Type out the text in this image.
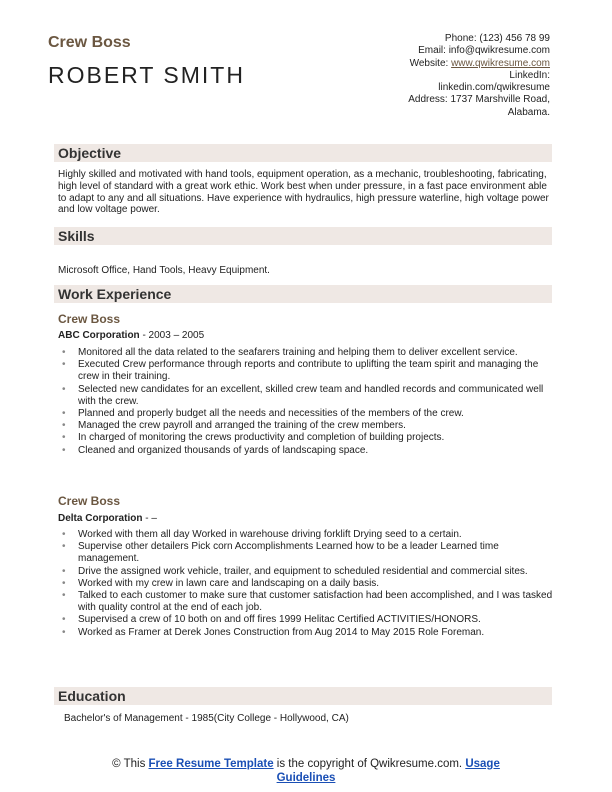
Crew Boss
ROBERT SMITH
Phone: (123) 456 78 99
Email: info@qwikresume.com
Website: www.qwikresume.com
LinkedIn:
linkedin.com/qwikresume
Address: 1737 Marshville Road,
Alabama.
Objective
Highly skilled and motivated with hand tools, equipment operation, as a mechanic, troubleshooting, fabricating, high level of standard with a great work ethic. Work best when under pressure, in a fast pace environment able to adapt to any and all situations. Have experience with hydraulics, high pressure waterline, high voltage power and low voltage power.
Skills
Microsoft Office, Hand Tools, Heavy Equipment.
Work Experience
Crew Boss
ABC Corporation - 2003 – 2005
• Monitored all the data related to the seafarers training and helping them to deliver excellent service.
• Executed Crew performance through reports and contribute to uplifting the team spirit and managing the crew in their training.
• Selected new candidates for an excellent, skilled crew team and handled records and communicated well with the crew.
• Planned and properly budget all the needs and necessities of the members of the crew.
• Managed the crew payroll and arranged the training of the crew members.
• In charged of monitoring the crews productivity and completion of building projects.
• Cleaned and organized thousands of yards of landscaping space.
Crew Boss
Delta Corporation - –
• Worked with them all day Worked in warehouse driving forklift Drying seed to a certain.
• Supervise other detailers Pick corn Accomplishments Learned how to be a leader Learned time management.
• Drive the assigned work vehicle, trailer, and equipment to scheduled residential and commercial sites.
• Worked with my crew in lawn care and landscaping on a daily basis.
• Talked to each customer to make sure that customer satisfaction had been accomplished, and I was tasked with quality control at the end of each job.
• Supervised a crew of 10 both on and off fires 1999 Helitac Certified ACTIVITIES/HONORS.
• Worked as Framer at Derek Jones Construction from Aug 2014 to May 2015 Role Foreman.
Education
Bachelor's of Management - 1985(City College - Hollywood, CA)
© This Free Resume Template is the copyright of Qwikresume.com. Usage
Guidelines
